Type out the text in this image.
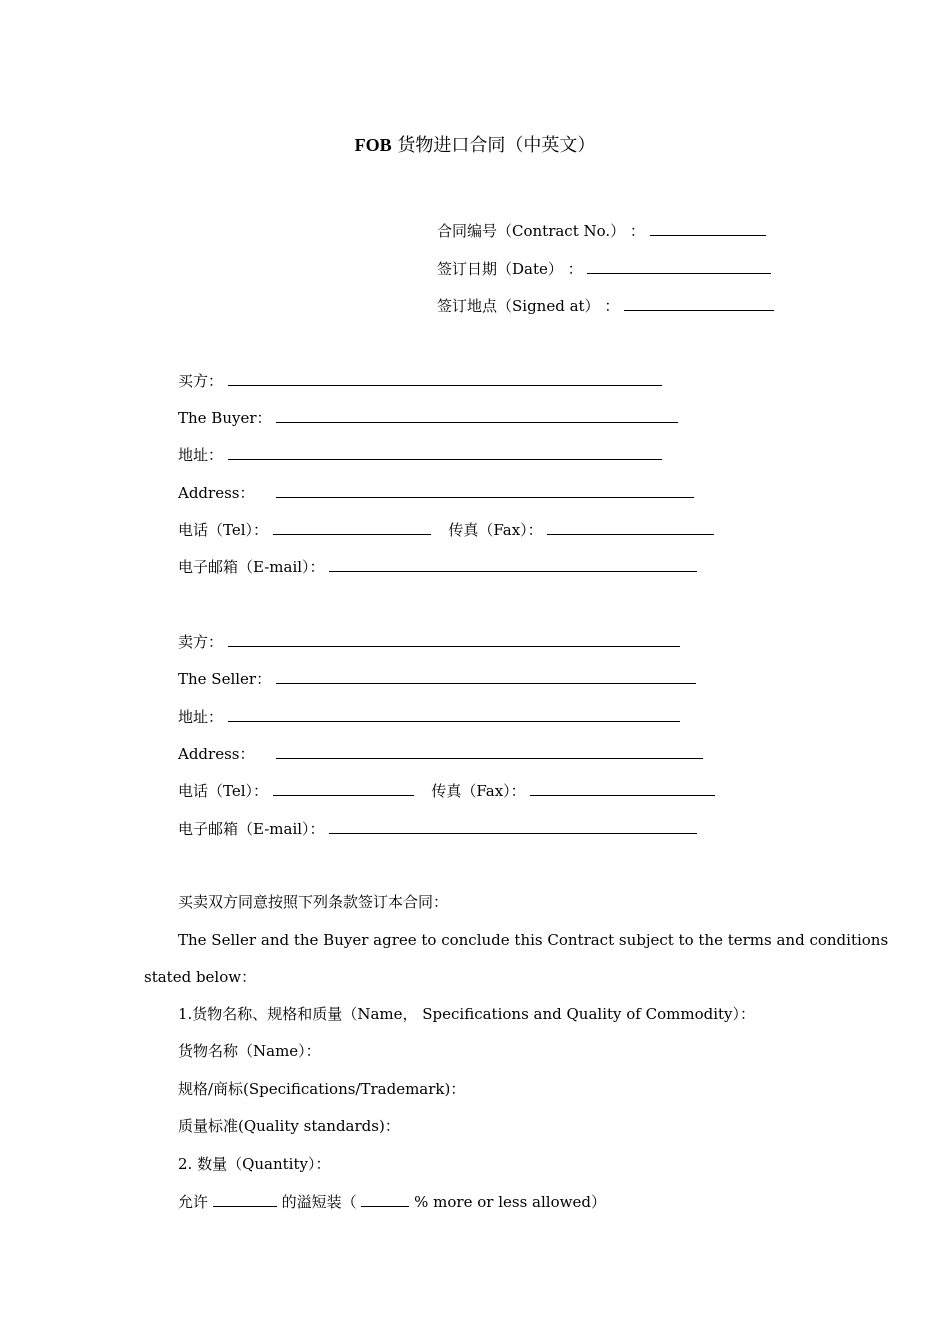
FOB 货物进口合同（中英文）
合同编号（Contract No.） ：
签订日期（Date） ：
签订地点（Signed at） ：
买方：
The Buyer：
地址：
Address：
电话（Tel）：	传真（Fax）：
电子邮箱（E-mail）：
卖方：
The Seller：
地址：
Address：
电话（Tel）：	传真（Fax）：
电子邮箱（E-mail）：
买卖双方同意按照下列条款签订本合同：
The Seller and the Buyer agree to conclude this Contract subject to the terms and conditions
stated below：
1.货物名称、规格和质量（Name， Specifications and Quality of Commodity）：
货物名称（Name）：
规格/商标(Specifications/Trademark)：
质量标准(Quality standards)：
2. 数量（Quantity）：
允许	的溢短装（	% more or less allowed）
